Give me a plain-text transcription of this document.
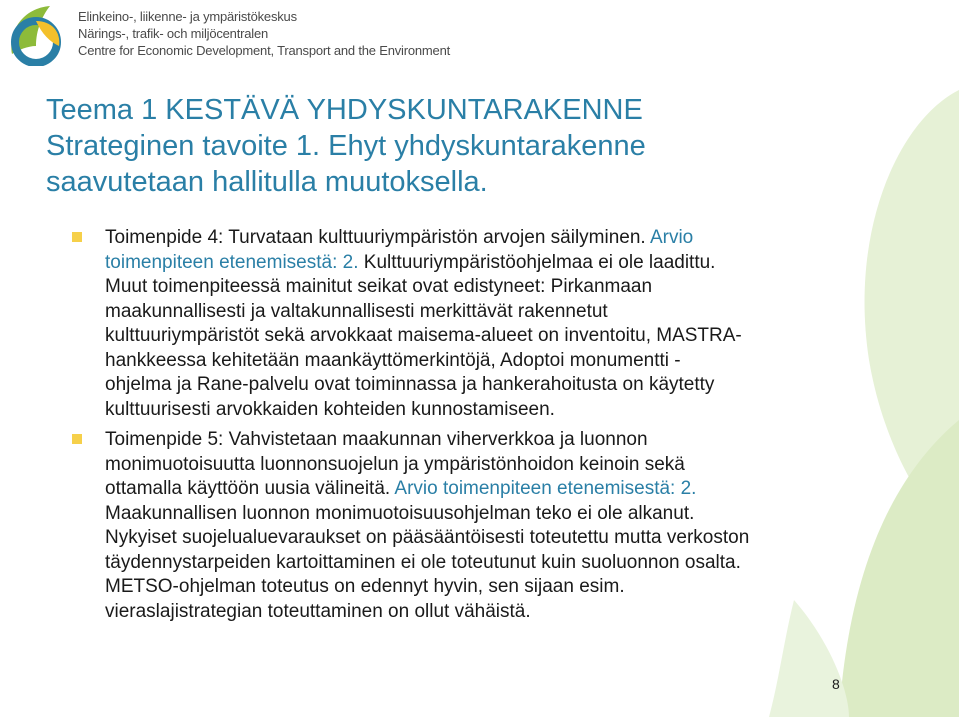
Elinkeino-, liikenne- ja ympäristökeskus
Närings-, trafik- och miljöcentralen
Centre for Economic Development, Transport and the Environment
Teema 1 KESTÄVÄ YHDYSKUNTARAKENNE
Strateginen tavoite 1. Ehyt yhdyskuntarakenne
saavutetaan hallitulla muutoksella.
Toimenpide 4: Turvataan kulttuuriympäristön arvojen säilyminen. Arvio
toimenpiteen etenemisestä: 2. Kulttuuriympäristöohjelmaa ei ole laadittu.
Muut toimenpiteessä mainitut seikat ovat edistyneet: Pirkanmaan
maakunnallisesti ja valtakunnallisesti merkittävät rakennetut
kulttuuriympäristöt sekä arvokkaat maisema-alueet on inventoitu, MASTRA-
hankkeessa kehitetään maankäyttömerkintöjä, Adoptoi monumentti -
ohjelma ja Rane-palvelu ovat toiminnassa ja hankerahoitusta on käytetty
kulttuurisesti arvokkaiden kohteiden kunnostamiseen.
Toimenpide 5: Vahvistetaan maakunnan viherverkkoa ja luonnon
monimuotoisuutta luonnonsuojelun ja ympäristönhoidon keinoin sekä
ottamalla käyttöön uusia välineitä. Arvio toimenpiteen etenemisestä: 2.
Maakunnallisen luonnon monimuotoisuusohjelman teko ei ole alkanut.
Nykyiset suojelualuevaraukset on pääsääntöisesti toteutettu mutta verkoston
täydennystarpeiden kartoittaminen ei ole toteutunut kuin suoluonnon osalta.
METSO-ohjelman toteutus on edennyt hyvin, sen sijaan esim.
vieraslajistrategian toteuttaminen on ollut vähäistä.
8
